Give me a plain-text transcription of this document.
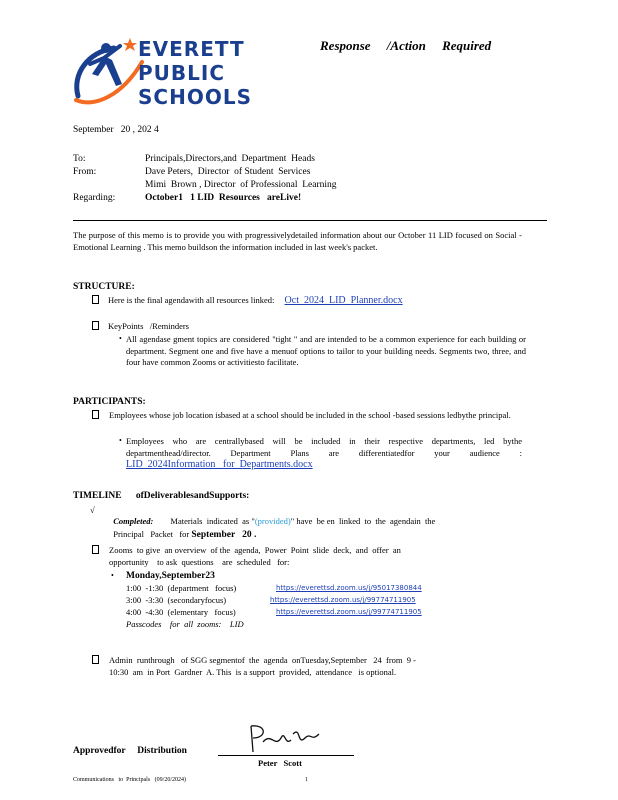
EVERETT
PUBLIC
SCHOOLS
Response     /Action     Required
September   20 , 202 4
To:	Principals,Directors,and  Department  Heads
From:	Dave Peters,  Director  of Student  Services
Mimi  Brown , Director  of Professional  Learning
Regarding:	October1   1 LID  Resources   areLive!
The purpose of this memo is to provide you with progressivelydetailed information about our October 11 LID focused on Social -Emotional Learning . This memo buildson the information included in last week's packet.
STRUCTURE:
Here is the final agendawith all resources linked: Oct  2024  LID  Planner.docx
KeyPoints   /Reminders
• All agendase gment topics are considered "tight " and are intended to be a common experience for each building or department. Segment one and five have a menuof options to tailor to your building needs. Segments two, three, and four have common Zooms or activitiesto facilitate.
PARTICIPANTS:
Employees whose job location isbased at a school should be included in the school -based sessions ledbythe principal.
• Employees who are centrallybased will be included in their respective departments, led bythe departmenthead/director. Department Plans are differentiatedfor your audience : LID  2024Information   for  Departments.docx
TIMELINE ofDeliverablesandSupports:
√

Completed: Materials  indicated  as "(provided)" have  be en  linked  to  the  agendain  the

Principal   Packet   for September   20 .

Zooms  to give  an overview  of the  agenda,  Power  Point  slide  deck,  and  offer  an
opportunity    to ask  questions    are  scheduled   for:
• Monday,September23
1:00  -1:30  (department   focus)	https://everettsd.zoom.us/j/95017380844
3:00  -3:30  (secondaryfocus)	https://everettsd.zoom.us/j/99774711905
4:00  -4:30  (elementary   focus)	https://everettsd.zoom.us/j/99774711905
Passcodes    for  all  zooms:    LID
Admin  runthrough   of SGG segmentof  the  agenda  onTuesday,September   24  from  9 -
10:30  am  in Port  Gardner  A. This  is a support  provided,  attendance   is optional.
Approvedfor     Distribution
Peter   Scott
Communications   to  Principals   (09/20/2024)	1
